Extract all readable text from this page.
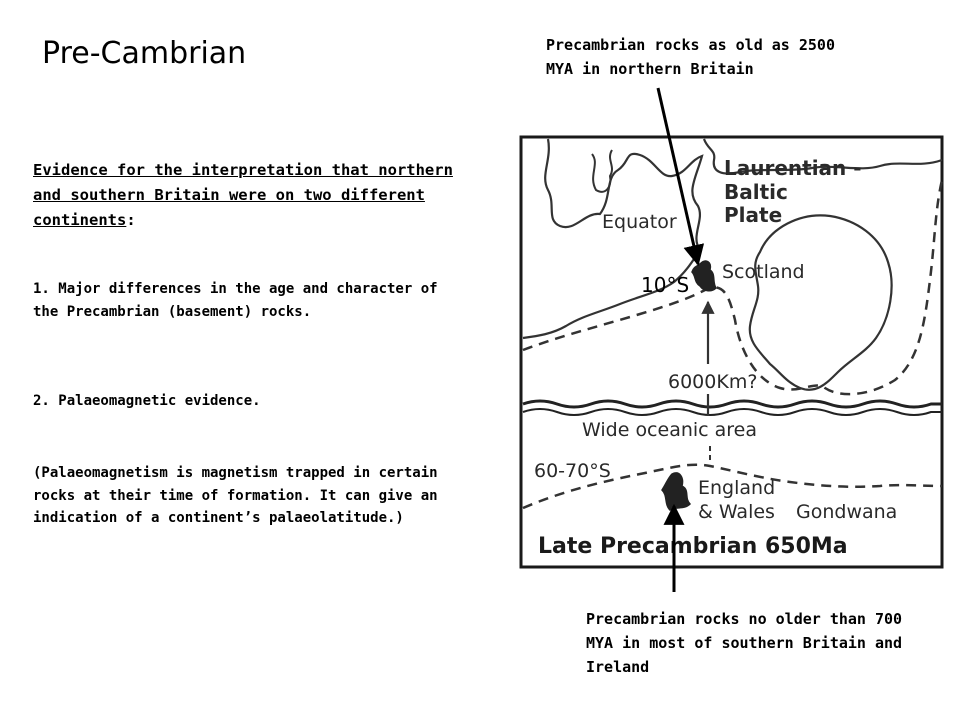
Pre-Cambrian
Evidence for the interpretation that northern and southern Britain were on two different continents:
1. Major differences in the age and character of the Precambrian (basement) rocks.
2. Palaeomagnetic evidence.
(Palaeomagnetism is magnetism trapped in certain rocks at their time of formation. It can give an indication of a continent’s palaeolatitude.)
Precambrian rocks as old as 2500 MYA in northern Britain
Precambrian rocks no older than 700 MYA in most of southern Britain and Ireland
Laurentian -
Baltic
Plate
Equator
10°S
Scotland
6000Km?
Wide oceanic area
60-70°S
England
& Wales Gondwana
Late Precambrian 650Ma
